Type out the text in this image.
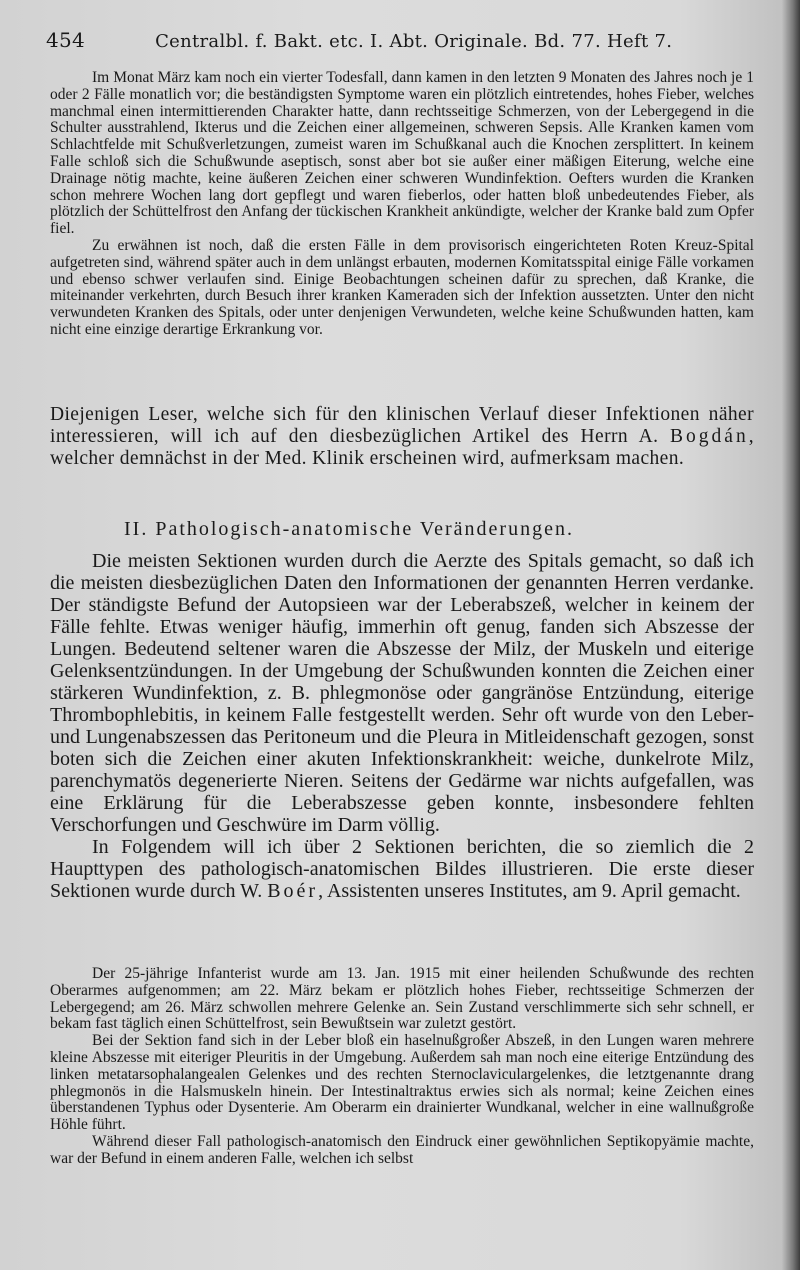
454	Centralbl. f. Bakt. etc. I. Abt. Originale. Bd. 77. Heft 7.

Im Monat März kam noch ein vierter Todesfall, dann kamen in den letzten 9 Monaten des Jahres noch je 1 oder 2 Fälle monatlich vor; die beständigsten Symptome waren ein plötzlich eintretendes, hohes Fieber, welches manchmal einen intermittierenden Charakter hatte, dann rechtsseitige Schmerzen, von der Lebergegend in die Schulter ausstrahlend, Ikterus und die Zeichen einer allgemeinen, schweren Sepsis. Alle Kranken kamen vom Schlachtfelde mit Schußverletzungen, zumeist waren im Schußkanal auch die Knochen zersplittert. In keinem Falle schloß sich die Schußwunde aseptisch, sonst aber bot sie außer einer mäßigen Eiterung, welche eine Drainage nötig machte, keine äußeren Zeichen einer schweren Wundinfektion. Oefters wurden die Kranken schon mehrere Wochen lang dort gepflegt und waren fieberlos, oder hatten bloß unbedeutendes Fieber, als plötzlich der Schüttelfrost den Anfang der tückischen Krankheit ankündigte, welcher der Kranke bald zum Opfer fiel.

Zu erwähnen ist noch, daß die ersten Fälle in dem provisorisch eingerichteten Roten Kreuz-Spital aufgetreten sind, während später auch in dem unlängst erbauten, modernen Komitatsspital einige Fälle vorkamen und ebenso schwer verlaufen sind. Einige Beobachtungen scheinen dafür zu sprechen, daß Kranke, die miteinander verkehrten, durch Besuch ihrer kranken Kameraden sich der Infektion aussetzten. Unter den nicht verwundeten Kranken des Spitals, oder unter denjenigen Verwundeten, welche keine Schußwunden hatten, kam nicht eine einzige derartige Erkrankung vor.

Diejenigen Leser, welche sich für den klinischen Verlauf dieser Infektionen näher interessieren, will ich auf den diesbezüglichen Artikel des Herrn A. Bogdán, welcher demnächst in der Med. Klinik erscheinen wird, aufmerksam machen.

II. Pathologisch-anatomische Veränderungen.

Die meisten Sektionen wurden durch die Aerzte des Spitals gemacht, so daß ich die meisten diesbezüglichen Daten den Informationen der genannten Herren verdanke. Der ständigste Befund der Autopsieen war der Leberabszeß, welcher in keinem der Fälle fehlte. Etwas weniger häufig, immerhin oft genug, fanden sich Abszesse der Lungen. Bedeutend seltener waren die Abszesse der Milz, der Muskeln und eiterige Gelenksentzündungen. In der Umgebung der Schußwunden konnten die Zeichen einer stärkeren Wundinfektion, z. B. phlegmonöse oder gangränöse Entzündung, eiterige Thrombophlebitis, in keinem Falle festgestellt werden. Sehr oft wurde von den Leber- und Lungenabszessen das Peritoneum und die Pleura in Mitleidenschaft gezogen, sonst boten sich die Zeichen einer akuten Infektionskrankheit: weiche, dunkelrote Milz, parenchymatös degenerierte Nieren. Seitens der Gedärme war nichts aufgefallen, was eine Erklärung für die Leberabszesse geben konnte, insbesondere fehlten Verschorfungen und Geschwüre im Darm völlig.

In Folgendem will ich über 2 Sektionen berichten, die so ziemlich die 2 Haupttypen des pathologisch-anatomischen Bildes illustrieren. Die erste dieser Sektionen wurde durch W. Boér, Assistenten unseres Institutes, am 9. April gemacht.

Der 25-jährige Infanterist wurde am 13. Jan. 1915 mit einer heilenden Schußwunde des rechten Oberarmes aufgenommen; am 22. März bekam er plötzlich hohes Fieber, rechtsseitige Schmerzen der Lebergegend; am 26. März schwollen mehrere Gelenke an. Sein Zustand verschlimmerte sich sehr schnell, er bekam fast täglich einen Schüttelfrost, sein Bewußtsein war zuletzt gestört.

Bei der Sektion fand sich in der Leber bloß ein haselnußgroßer Abszeß, in den Lungen waren mehrere kleine Abszesse mit eiteriger Pleuritis in der Umgebung. Außerdem sah man noch eine eiterige Entzündung des linken metatarsophalangealen Gelenkes und des rechten Sternoclaviculargelenkes, die letztgenannte drang phlegmonös in die Halsmuskeln hinein. Der Intestinaltraktus erwies sich als normal; keine Zeichen eines überstandenen Typhus oder Dysenterie. Am Oberarm ein drainierter Wundkanal, welcher in eine wallnußgroße Höhle führt.

Während dieser Fall pathologisch-anatomisch den Eindruck einer gewöhnlichen Septikopyämie machte, war der Befund in einem anderen Falle, welchen ich selbst
